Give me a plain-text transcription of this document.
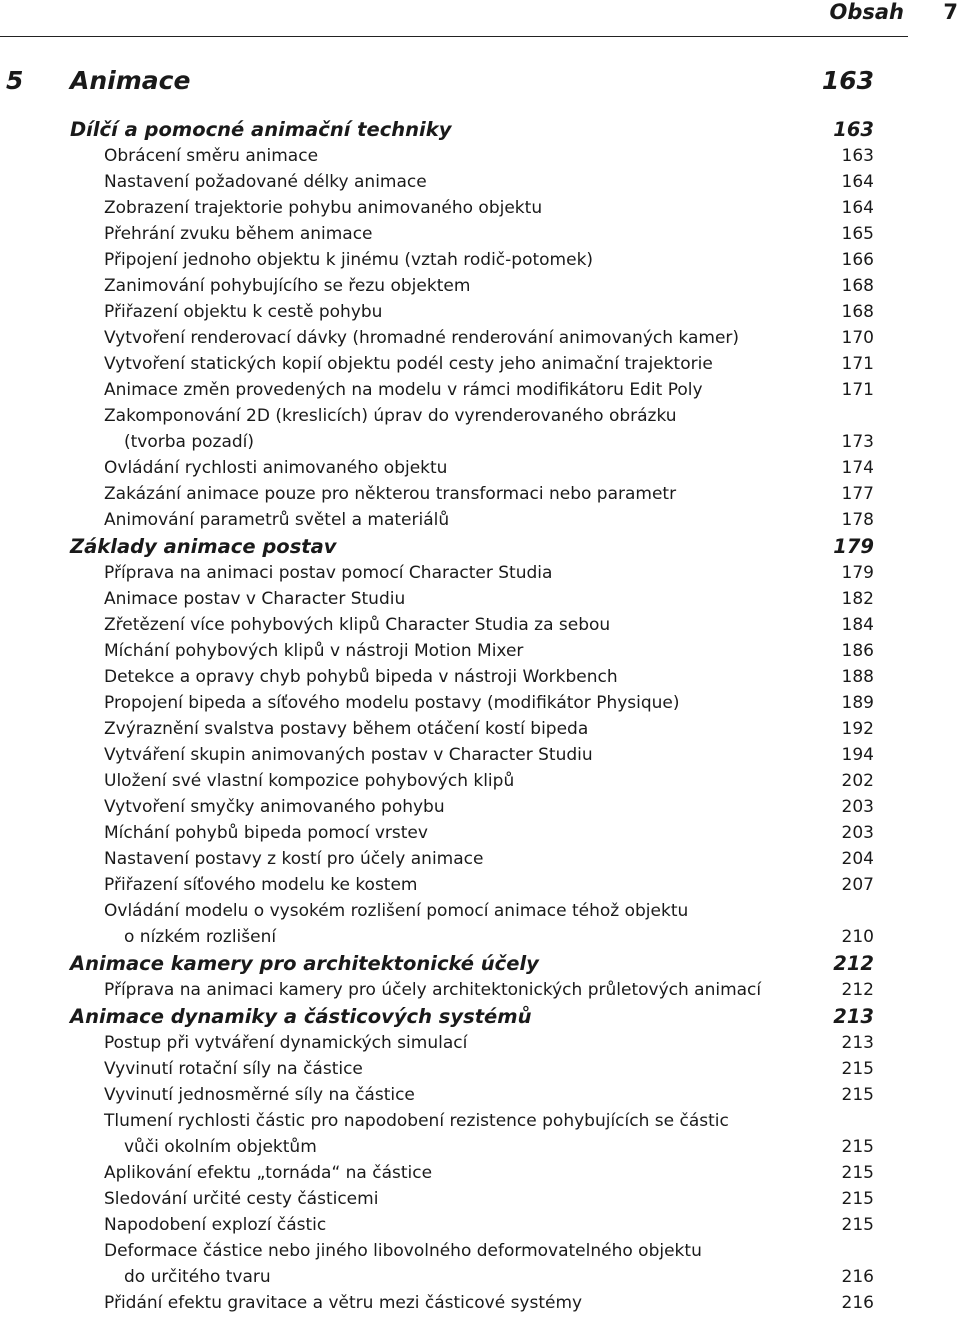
Obsah 7
5 Animace	163
Dílčí a pomocné animační techniky	163
Obrácení směru animace	163
Nastavení požadované délky animace	164
Zobrazení trajektorie pohybu animovaného objektu	164
Přehrání zvuku během animace	165
Připojení jednoho objektu k jinému (vztah rodič-potomek)	166
Zanimování pohybujícího se řezu objektem	168
Přiřazení objektu k cestě pohybu	168
Vytvoření renderovací dávky (hromadné renderování animovaných kamer)	170
Vytvoření statických kopií objektu podél cesty jeho animační trajektorie	171
Animace změn provedených na modelu v rámci modifikátoru Edit Poly	171
Zakomponování 2D (kreslicích) úprav do vyrenderovaného obrázku
(tvorba pozadí)	173
Ovládání rychlosti animovaného objektu	174
Zakázání animace pouze pro některou transformaci nebo parametr	177
Animování parametrů světel a materiálů	178
Základy animace postav	179
Příprava na animaci postav pomocí Character Studia	179
Animace postav v Character Studiu	182
Zřetězení více pohybových klipů Character Studia za sebou	184
Míchání pohybových klipů v nástroji Motion Mixer	186
Detekce a opravy chyb pohybů bipeda v nástroji Workbench	188
Propojení bipeda a síťového modelu postavy (modifikátor Physique)	189
Zvýraznění svalstva postavy během otáčení kostí bipeda	192
Vytváření skupin animovaných postav v Character Studiu	194
Uložení své vlastní kompozice pohybových klipů	202
Vytvoření smyčky animovaného pohybu	203
Míchání pohybů bipeda pomocí vrstev	203
Nastavení postavy z kostí pro účely animace	204
Přiřazení síťového modelu ke kostem	207
Ovládání modelu o vysokém rozlišení pomocí animace téhož objektu
o nízkém rozlišení	210
Animace kamery pro architektonické účely	212
Příprava na animaci kamery pro účely architektonických průletových animací	212
Animace dynamiky a částicových systémů	213
Postup při vytváření dynamických simulací	213
Vyvinutí rotační síly na částice	215
Vyvinutí jednosměrné síly na částice	215
Tlumení rychlosti částic pro napodobení rezistence pohybujících se částic
vůči okolním objektům	215
Aplikování efektu „tornáda“ na částice	215
Sledování určité cesty částicemi	215
Napodobení explozí částic	215
Deformace částice nebo jiného libovolného deformovatelného objektu
do určitého tvaru	216
Přidání efektu gravitace a větru mezi částicové systémy	216
